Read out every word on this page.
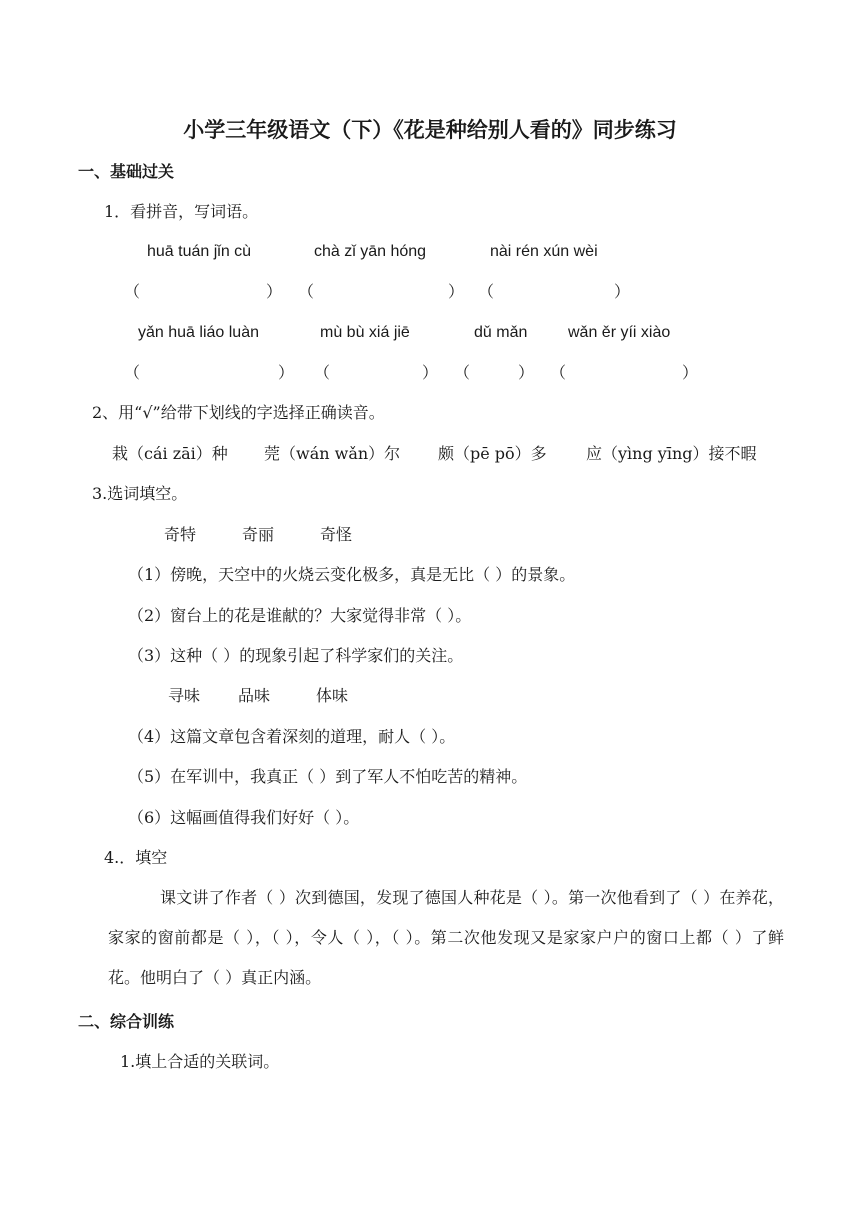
小学三年级语文（下）《花是种给别人看的》同步练习
一、基础过关
1．看拼音，写词语。
huā tuán jǐn cù	chà zǐ yān hóng	nài rén xún wèi
（	） （	） （	）
yǎn huā liáo luàn	mù bù xiá jiē	dǔ mǎn	wǎn ěr yíi xiào
（	） （	） （	） （	）
2、用“√”给带下划线的字选择正确读音。
栽（cái zāi）种 莞（wán wǎn）尔 颇（pē pō）多 应（yìng yīng）接不暇
3.选词填空。
奇特	奇丽	奇怪
（1）傍晚，天空中的火烧云变化极多，真是无比（ ）的景象。
（2）窗台上的花是谁献的？大家觉得非常（ ）。
（3）这种（ ）的现象引起了科学家们的关注。
寻味 品味	体味
（4）这篇文章包含着深刻的道理，耐人（ ）。
（5）在军训中，我真正（ ）到了军人不怕吃苦的精神。
（6）这幅画值得我们好好（ ）。
4.．填空
课文讲了作者（ ）次到德国，发现了德国人种花是（ ）。第一次他看到了（ ）在养花，家家的窗前都是（ ），（ ），令人（ ），（ ）。第二次他发现又是家家户户的窗口上都（ ）了鲜花。他明白了（ ）真正内涵。
二、综合训练
1.填上合适的关联词。
